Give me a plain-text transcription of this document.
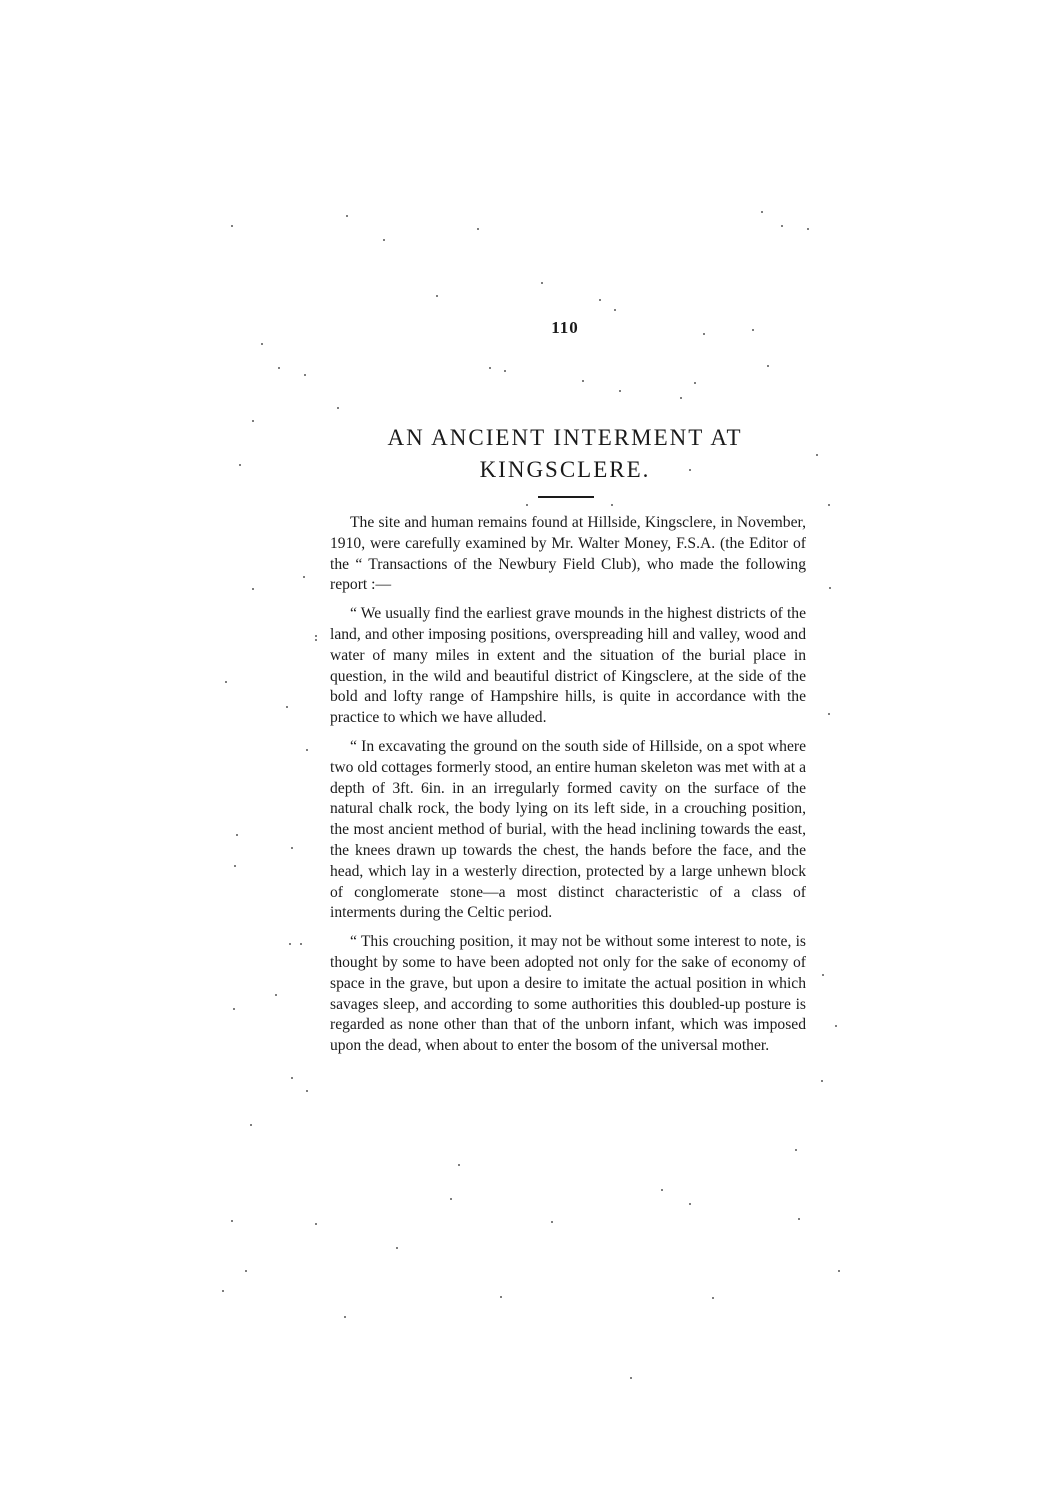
110
AN ANCIENT INTERMENT AT
KINGSCLERE.

The site and human remains found at Hillside, Kingsclere, in November, 1910, were carefully examined by Mr. Walter Money, F.S.A. (the Editor of the “ Transactions of the Newbury Field Club), who made the following report :—

“ We usually find the earliest grave mounds in the highest districts of the land, and other imposing positions, overspreading hill and valley, wood and water of many miles in extent and the situation of the burial place in question, in the wild and beautiful district of Kingsclere, at the side of the bold and lofty range of Hampshire hills, is quite in accordance with the practice to which we have alluded.

“ In excavating the ground on the south side of Hillside, on a spot where two old cottages formerly stood, an entire human skeleton was met with at a depth of 3ft. 6in. in an irregularly formed cavity on the surface of the natural chalk rock, the body lying on its left side, in a crouching position, the most ancient method of burial, with the head inclining towards the east, the knees drawn up towards the chest, the hands before the face, and the head, which lay in a westerly direction, protected by a large unhewn block of conglomerate stone—a most distinct characteristic of a class of interments during the Celtic period.

“ This crouching position, it may not be without some interest to note, is thought by some to have been adopted not only for the sake of economy of space in the grave, but upon a desire to imitate the actual position in which savages sleep, and according to some authorities this doubled-up posture is regarded as none other than that of the unborn infant, which was imposed upon the dead, when about to enter the bosom of the universal mother.
